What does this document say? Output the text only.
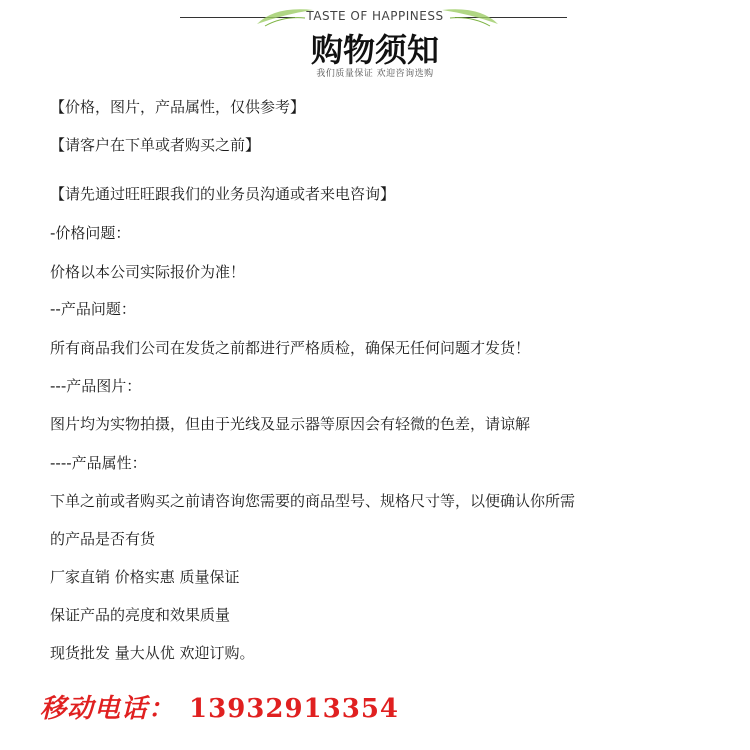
TASTE OF HAPPINESS
购物须知
我们质量保证 欢迎咨询选购
【价格，图片，产品属性，仅供参考】
【请客户在下单或者购买之前】
【请先通过旺旺跟我们的业务员沟通或者来电咨询】
-价格问题：
价格以本公司实际报价为准！
--产品问题：
所有商品我们公司在发货之前都进行严格质检，确保无任何问题才发货！
---产品图片：
图片均为实物拍摄，但由于光线及显示器等原因会有轻微的色差，请谅解
----产品属性：
下单之前或者购买之前请咨询您需要的商品型号、规格尺寸等，以便确认你所需
的产品是否有货
厂家直销 价格实惠 质量保证
保证产品的亮度和效果质量
现货批发 量大从优 欢迎订购。
移动电话： 13932913354
